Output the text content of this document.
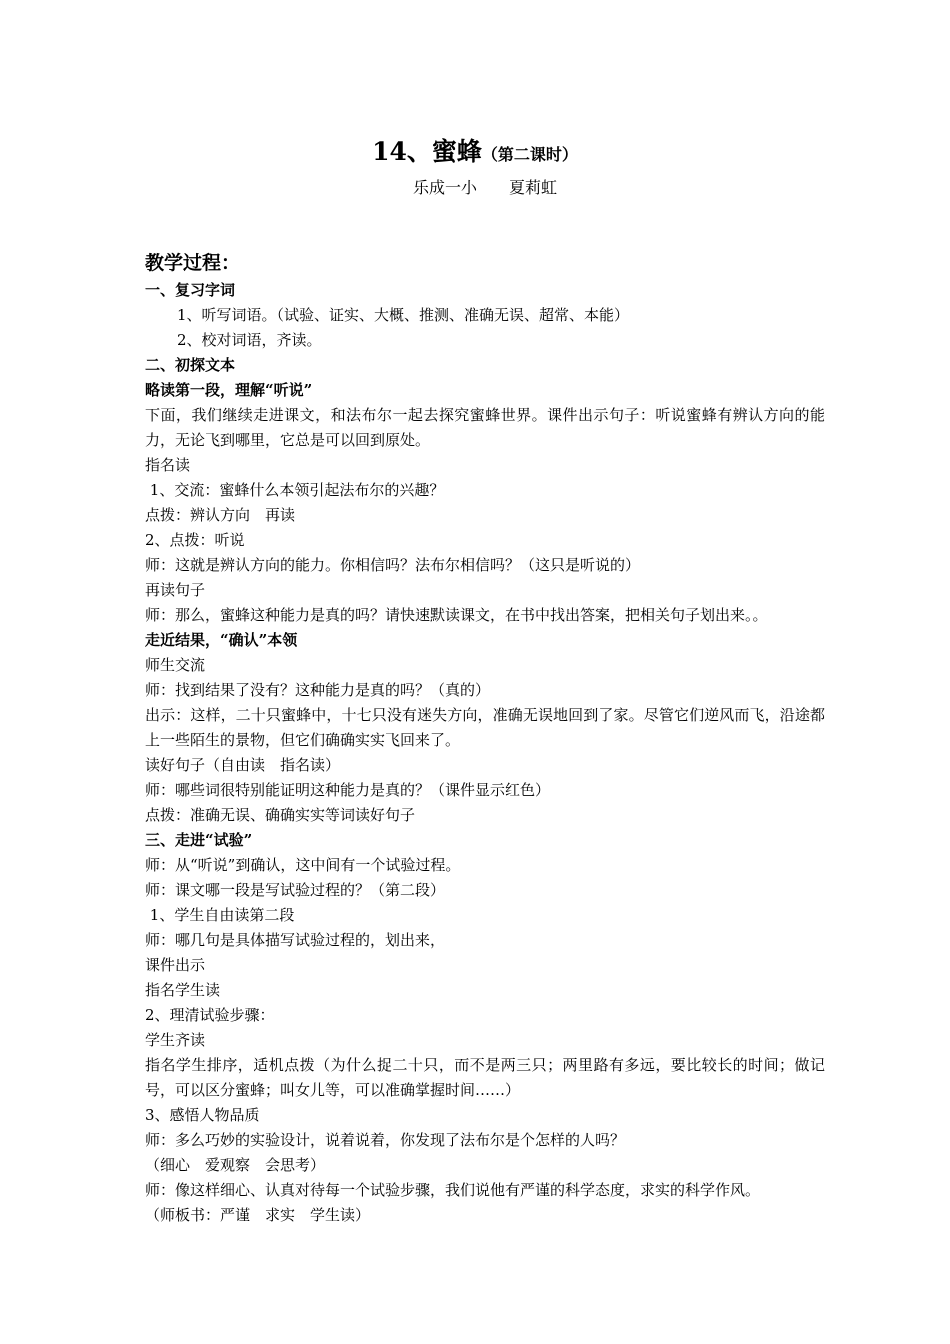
14、蜜蜂（第二课时）
乐成一小　　夏莉虹
教学过程：
一、复习字词
1、听写词语。（试验、证实、大概、推测、准确无误、超常、本能）
2、校对词语，齐读。
二、初探文本
略读第一段，理解“听说”
下面，我们继续走进课文，和法布尔一起去探究蜜蜂世界。课件出示句子：听说蜜蜂有辨认方向的能力，无论飞到哪里，它总是可以回到原处。
指名读
1、交流：蜜蜂什么本领引起法布尔的兴趣？
点拨：辨认方向　再读
2、点拨：听说
师：这就是辨认方向的能力。你相信吗？法布尔相信吗？（这只是听说的）
再读句子
师：那么，蜜蜂这种能力是真的吗？请快速默读课文，在书中找出答案，把相关句子划出来。。
走近结果，“确认”本领
师生交流
师：找到结果了没有？这种能力是真的吗？（真的）
出示：这样，二十只蜜蜂中，十七只没有迷失方向，准确无误地回到了家。尽管它们逆风而飞，沿途都上一些陌生的景物，但它们确确实实飞回来了。
读好句子（自由读　指名读）
师：哪些词很特别能证明这种能力是真的？（课件显示红色）
点拨：准确无误、确确实实等词读好句子
三、走进“试验”
师：从“听说”到确认，这中间有一个试验过程。
师：课文哪一段是写试验过程的？（第二段）
1、学生自由读第二段
师：哪几句是具体描写试验过程的，划出来，
课件出示
指名学生读
2、理清试验步骤：
学生齐读
指名学生排序，适机点拨（为什么捉二十只，而不是两三只；两里路有多远，要比较长的时间；做记号，可以区分蜜蜂；叫女儿等，可以准确掌握时间……）
3、感悟人物品质
师：多么巧妙的实验设计，说着说着，你发现了法布尔是个怎样的人吗？
（细心　爱观察　会思考）
师：像这样细心、认真对待每一个试验步骤，我们说他有严谨的科学态度，求实的科学作风。
（师板书：严谨　求实　学生读）
